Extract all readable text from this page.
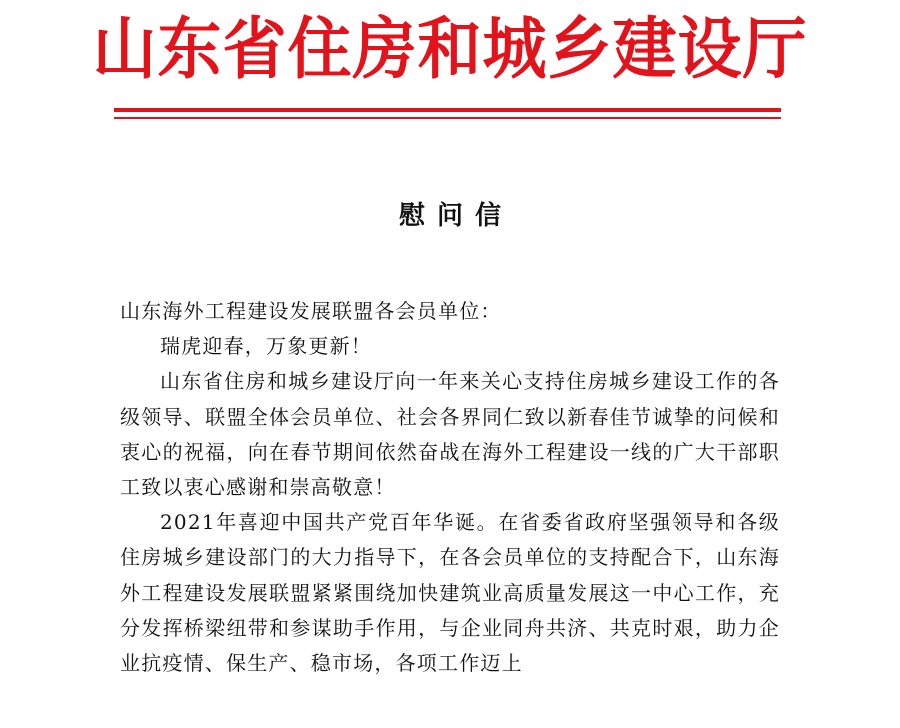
山东省住房和城乡建设厅
慰问信

山东海外工程建设发展联盟各会员单位：

瑞虎迎春，万象更新！

山东省住房和城乡建设厅向一年来关心支持住房城乡建设工作的各级领导、联盟全体会员单位、社会各界同仁致以新春佳节诚挚的问候和衷心的祝福，向在春节期间依然奋战在海外工程建设一线的广大干部职工致以衷心感谢和崇高敬意！

2021年喜迎中国共产党百年华诞。在省委省政府坚强领导和各级住房城乡建设部门的大力指导下，在各会员单位的支持配合下，山东海外工程建设发展联盟紧紧围绕加快建筑业高质量发展这一中心工作，充分发挥桥梁纽带和参谋助手作用，与企业同舟共济、共克时艰，助力企业抗疫情、保生产、稳市场，各项工作迈上
